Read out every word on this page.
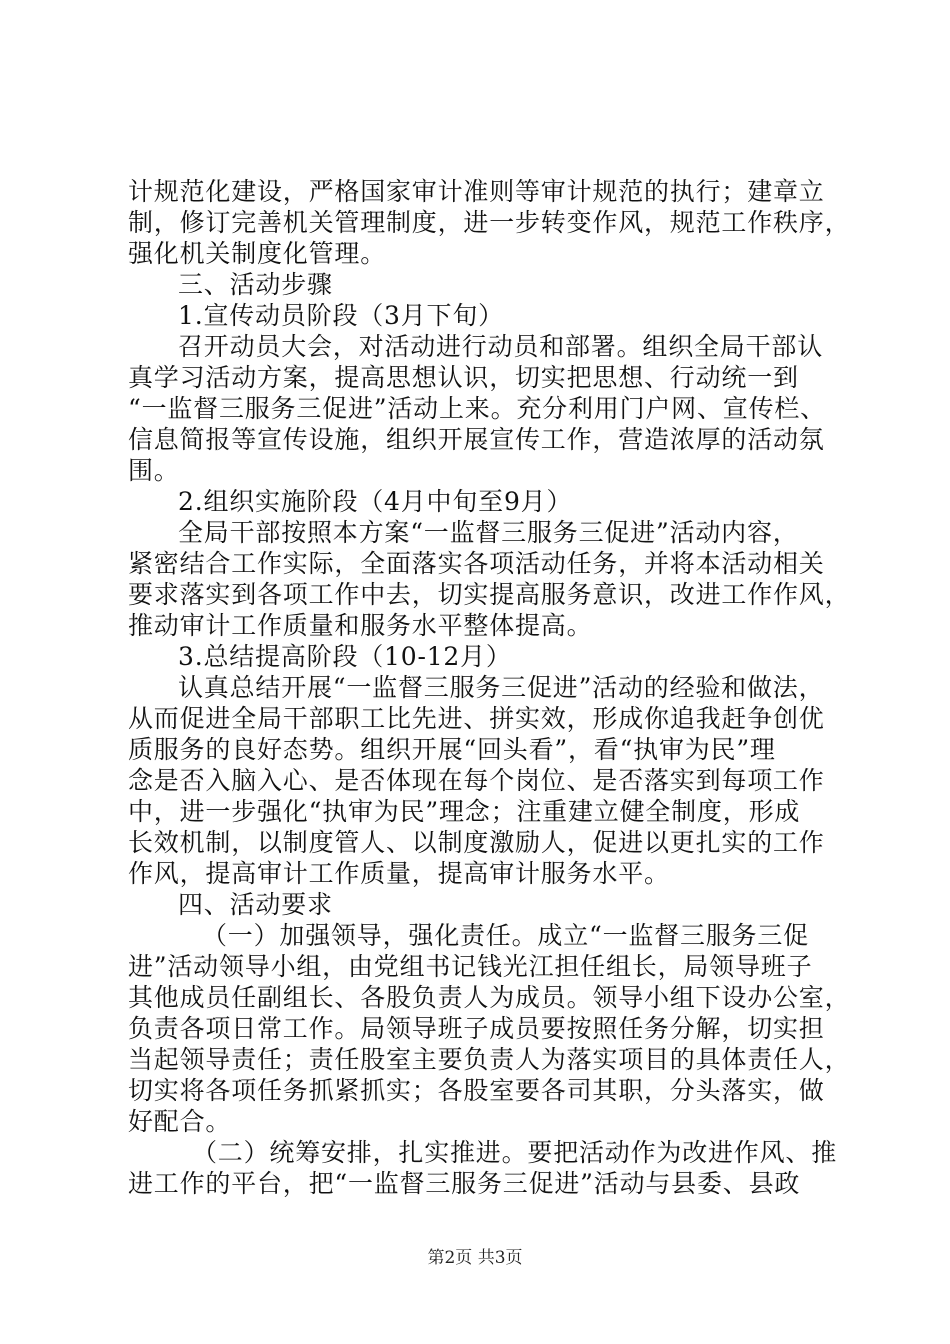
计规范化建设，严格国家审计准则等审计规范的执行；建章立
制，修订完善机关管理制度，进一步转变作风，规范工作秩序，
强化机关制度化管理。
三、活动步骤
1.宣传动员阶段（3月下旬）
召开动员大会，对活动进行动员和部署。组织全局干部认
真学习活动方案，提高思想认识，切实把思想、行动统一到
“一监督三服务三促进”活动上来。充分利用门户网、宣传栏、
信息简报等宣传设施，组织开展宣传工作，营造浓厚的活动氛
围。
2.组织实施阶段（4月中旬至9月）
全局干部按照本方案“一监督三服务三促进”活动内容，
紧密结合工作实际，全面落实各项活动任务，并将本活动相关
要求落实到各项工作中去，切实提高服务意识，改进工作作风，
推动审计工作质量和服务水平整体提高。
3.总结提高阶段（10-12月）
认真总结开展“一监督三服务三促进”活动的经验和做法，
从而促进全局干部职工比先进、拼实效，形成你追我赶争创优
质服务的良好态势。组织开展“回头看”，看“执审为民”理
念是否入脑入心、是否体现在每个岗位、是否落实到每项工作
中，进一步强化“执审为民”理念；注重建立健全制度，形成
长效机制，以制度管人、以制度激励人，促进以更扎实的工作
作风，提高审计工作质量，提高审计服务水平。
四、活动要求
（一）加强领导，强化责任。成立“一监督三服务三促
进”活动领导小组，由党组书记钱光江担任组长，局领导班子
其他成员任副组长、各股负责人为成员。领导小组下设办公室，
负责各项日常工作。局领导班子成员要按照任务分解，切实担
当起领导责任；责任股室主要负责人为落实项目的具体责任人，
切实将各项任务抓紧抓实；各股室要各司其职，分头落实，做
好配合。
（二）统筹安排，扎实推进。要把活动作为改进作风、推
进工作的平台，把“一监督三服务三促进”活动与县委、县政
第2页 共3页
